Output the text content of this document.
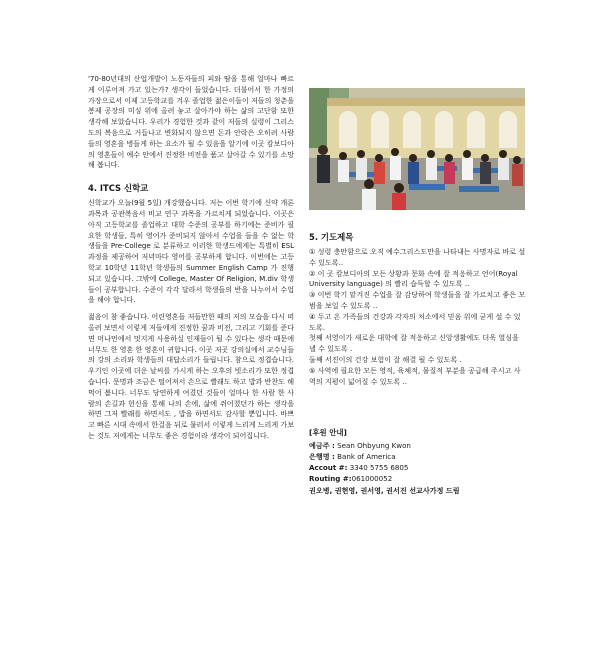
'70-80년대의 산업개발이 노동자들의 피와 땀을 통해 얼마나 빠르게 이루어져 가고 있는가? 생각이 들었습니다. 더불어서 한 가정의 가장으로서 이제 고등학교를 겨우 졸업한 젊은이들이 저들의 청춘을 봉제 공장의 미싱 위에 올려 놓고 살아가야 하는 삶의 고단함 또한 생각해 보았습니다. 우리가 경험한 것과 같이 저들의 실령이 그리스도의 복음으로 거듭나고 변화되지 않으면 돈과 안락은 오히려 사람들의 영혼을 병들게 하는 요소가 될 수 있음을 알기에 이곳 캄보디아의 영혼들이 예수 안에서 진정한 비전을 품고 살아갈 수 있기를 소망해 봅니다.

4. ITCS 신학교

신학교가 오늘(9월 5일) 개강했습니다. 저는 이번 학기에 신약 개론 과목과 공관복음서 비교 연구 과목을 가르치게 되었습니다. 이곳은 아직 고등학교를 졸업하고 대학 수준의 공부를 하기에는 준비가 필요한 학생들, 특히 영어가 준비되지 않아서 수업을 들을 수 없는 학생들을 Pre-College 로 분류하고 이러한 학생드에게는 특별히 ESL 과정을 제공하여 저녁마다 영어를 공부하게 합니다. 이번에는 고등학교 10학년 11학년 학생들의 Summer English Camp 가 진행되고 있습니다. 그밖에 College, Master Of Religion, M.div 학생들이 공부합니다. 수준이 각각 달라서 학생들의 반을 나누어서 수업을 해야 합니다.

젊음이 참 좋습니다. 어린영혼들 저들만한 때의 저의 모습을 다시 떠올려 보면서 이렇게 저들에게 진정한 꿈과 비전, 그리고 기회를 준다면 머나먼에서 멋지게 사용하실 인재들이 될 수 있다는 생각 때문에 너무도 한 영혼 한 영혼이 귀합니다. 이곳 저곳 강의실에서 교수님들의 강의 소리와 학생들의 대답소리가 들립니다. 참으로 정겹습니다. 우기인 이곳에 더운 날씨를 가시게 하는 오후의 빗소리가 또한 정겹습니다. 문명과 조금은 떨어져서 손으로 빨래도 하고 밥과 반찬도 해먹어 봅니다. 너무도 당연하게 여겼던 것들이 얼마나 한 사람 한 사람의 손길과 헌신을 통해 나의 손에, 삶에 쥐어졌던가 하는 생각을 하면 그저 빨래를 하면서도 , 밥을 하면서도 감사할 뿐입니다. 바쁘고 빠른 시대 속에서 한걸음 뒤로 물러서 이렇게 느리게 느리게 가보는 것도 저에게는 너무도 좋은 경험이라 생각이 되어집니다.

5. 기도제목

① 성령 충만함으로 오직 예수그리스도만을 나타내는 사명자로 바로 설수 있도록..

② 이 곳 캄보디아의 모든 상황과 문화 속에 잘 적응하고 언어(Royal University language) 의 빨리 습득할 수 있도록 ..

③ 이번 학기 맡겨진 수업을 잘 감당하여 학생들을 잘 가르치고 좋은 모범을 보일 수 있도록 ..

④ 두고 온 가족들의 건강과 각자의 처소에서 믿음 위에 굳게 설 수 있도록.

첫째 서영이가 새로운 대학에 잘 적응하고 신앙생활에도 더욱 열심을 낼 수 있도록 .

둘째 서진이의 건강 보험이 잘 해결 될 수 있도록 .

⑤ 사역에 필요한 모든 영적, 육체적, 물질적 부분을 공급해 주시고 사역의 지평이 넓어질 수 있도록 ..

[후원 안내]
예금주 : Sean Ohbyung Kwon
은행명 : Bank of America
Accout #: 3340 5755 6805
Routing #:061000052
권오병, 권현영, 권서영, 권서진 선교사가정 드림
